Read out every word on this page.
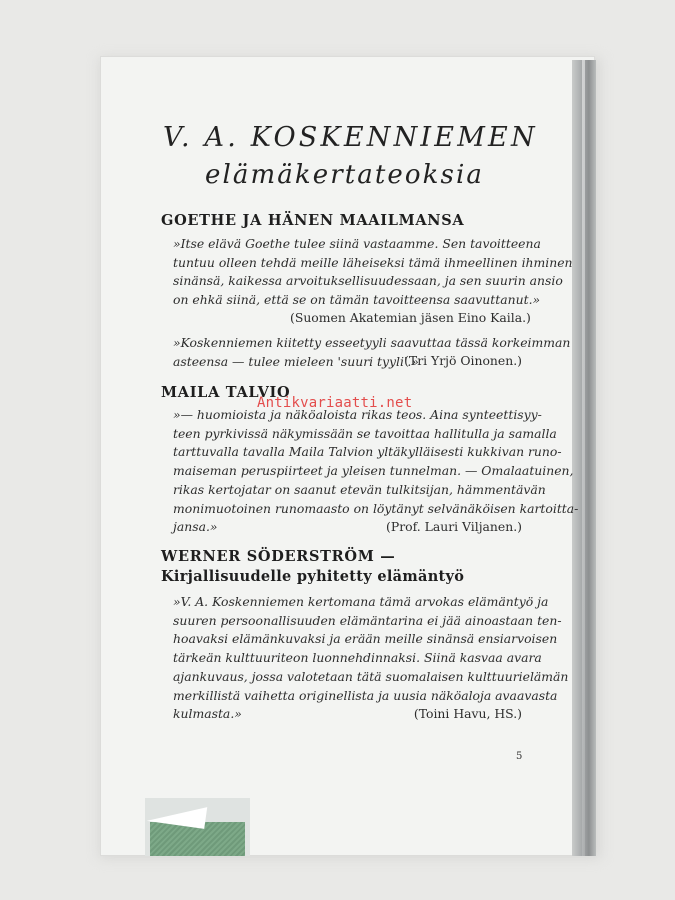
V. A. KOSKENNIEMEN
elämäkertateoksia
GOETHE JA HÄNEN MAAILMANSA
»Itse elävä Goethe tulee siinä vastaamme. Sen tavoitteena
tuntuu olleen tehdä meille läheiseksi tämä ihmeellinen ihminen
sinänsä, kaikessa arvoituksellisuudessaan, ja sen suurin ansio
on ehkä siinä, että se on tämän tavoitteensa saavuttanut.»
(Suomen Akatemian jäsen Eino Kaila.)
»Koskenniemen kiitetty esseetyyli saavuttaa tässä korkeimman
asteensa — tulee mieleen 'suuri tyyli'.»
(Tri Yrjö Oinonen.)
MAILA TALVIO
»— huomioista ja näköaloista rikas teos. Aina synteettisyy-
teen pyrkivissä näkymissään se tavoittaa hallitulla ja samalla
tarttuvalla tavalla Maila Talvion yltäkylläisesti kukkivan runo-
maiseman peruspiirteet ja yleisen tunnelman. — Omalaatuinen,
rikas kertojatar on saanut etevän tulkitsijan, hämmentävän
monimuotoinen runomaasto on löytänyt selvänäköisen kartoitta-
jansa.»	(Prof. Lauri Viljanen.)
WERNER SÖDERSTRÖM —
Kirjallisuudelle pyhitetty elämäntyö
»V. A. Koskenniemen kertomana tämä arvokas elämäntyö ja
suuren persoonallisuuden elämäntarina ei jää ainoastaan ten-
hoavaksi elämänkuvaksi ja erään meille sinänsä ensiarvoisen
tärkeän kulttuuriteon luonnehdinnaksi. Siinä kasvaa avara
ajankuvaus, jossa valotetaan tätä suomalaisen kulttuurielämän
merkillistä vaihetta originellista ja uusia näköaloja avaavasta
kulmasta.»	(Toini Havu, HS.)
5
Antikvariaatti.net
